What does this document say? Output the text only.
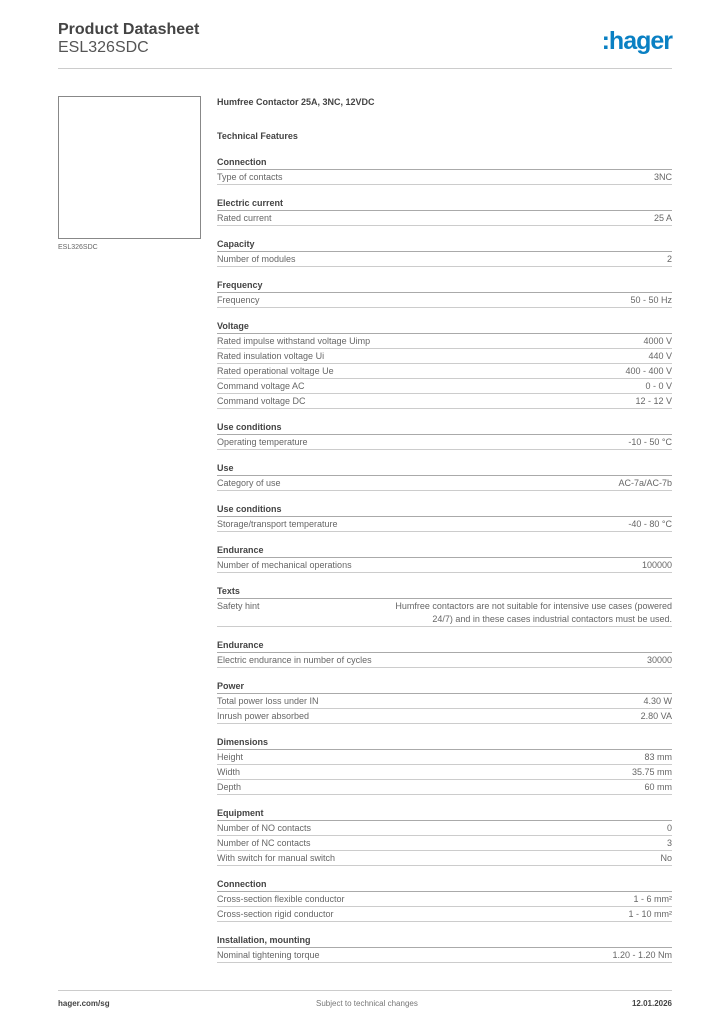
Product Datasheet
ESL326SDC	:hager
ESL326SDC
Humfree Contactor 25A, 3NC, 12VDC
Technical Features
Connection
Type of contacts	3NC
Electric current
Rated current	25 A
Capacity
Number of modules	2
Frequency
Frequency	50 - 50 Hz
Voltage
Rated impulse withstand voltage Uimp	4000 V
Rated insulation voltage Ui	440 V
Rated operational voltage Ue	400 - 400 V
Command voltage AC	0 - 0 V
Command voltage DC	12 - 12 V
Use conditions
Operating temperature	-10 - 50 °C
Use
Category of use	AC-7a/AC-7b
Use conditions
Storage/transport temperature	-40 - 80 °C
Endurance
Number of mechanical operations	100000
Texts
Safety hint	Humfree contactors are not suitable for intensive use cases (powered 24/7) and in these cases industrial contactors must be used.
Endurance
Electric endurance in number of cycles	30000
Power
Total power loss under IN	4.30 W
Inrush power absorbed	2.80 VA
Dimensions
Height	83 mm
Width	35.75 mm
Depth	60 mm
Equipment
Number of NO contacts	0
Number of NC contacts	3
With switch for manual switch	No
Connection
Cross-section flexible conductor	1 - 6 mm²
Cross-section rigid conductor	1 - 10 mm²
Installation, mounting
Nominal tightening torque	1.20 - 1.20 Nm
hager.com/sg	Subject to technical changes	12.01.2026
